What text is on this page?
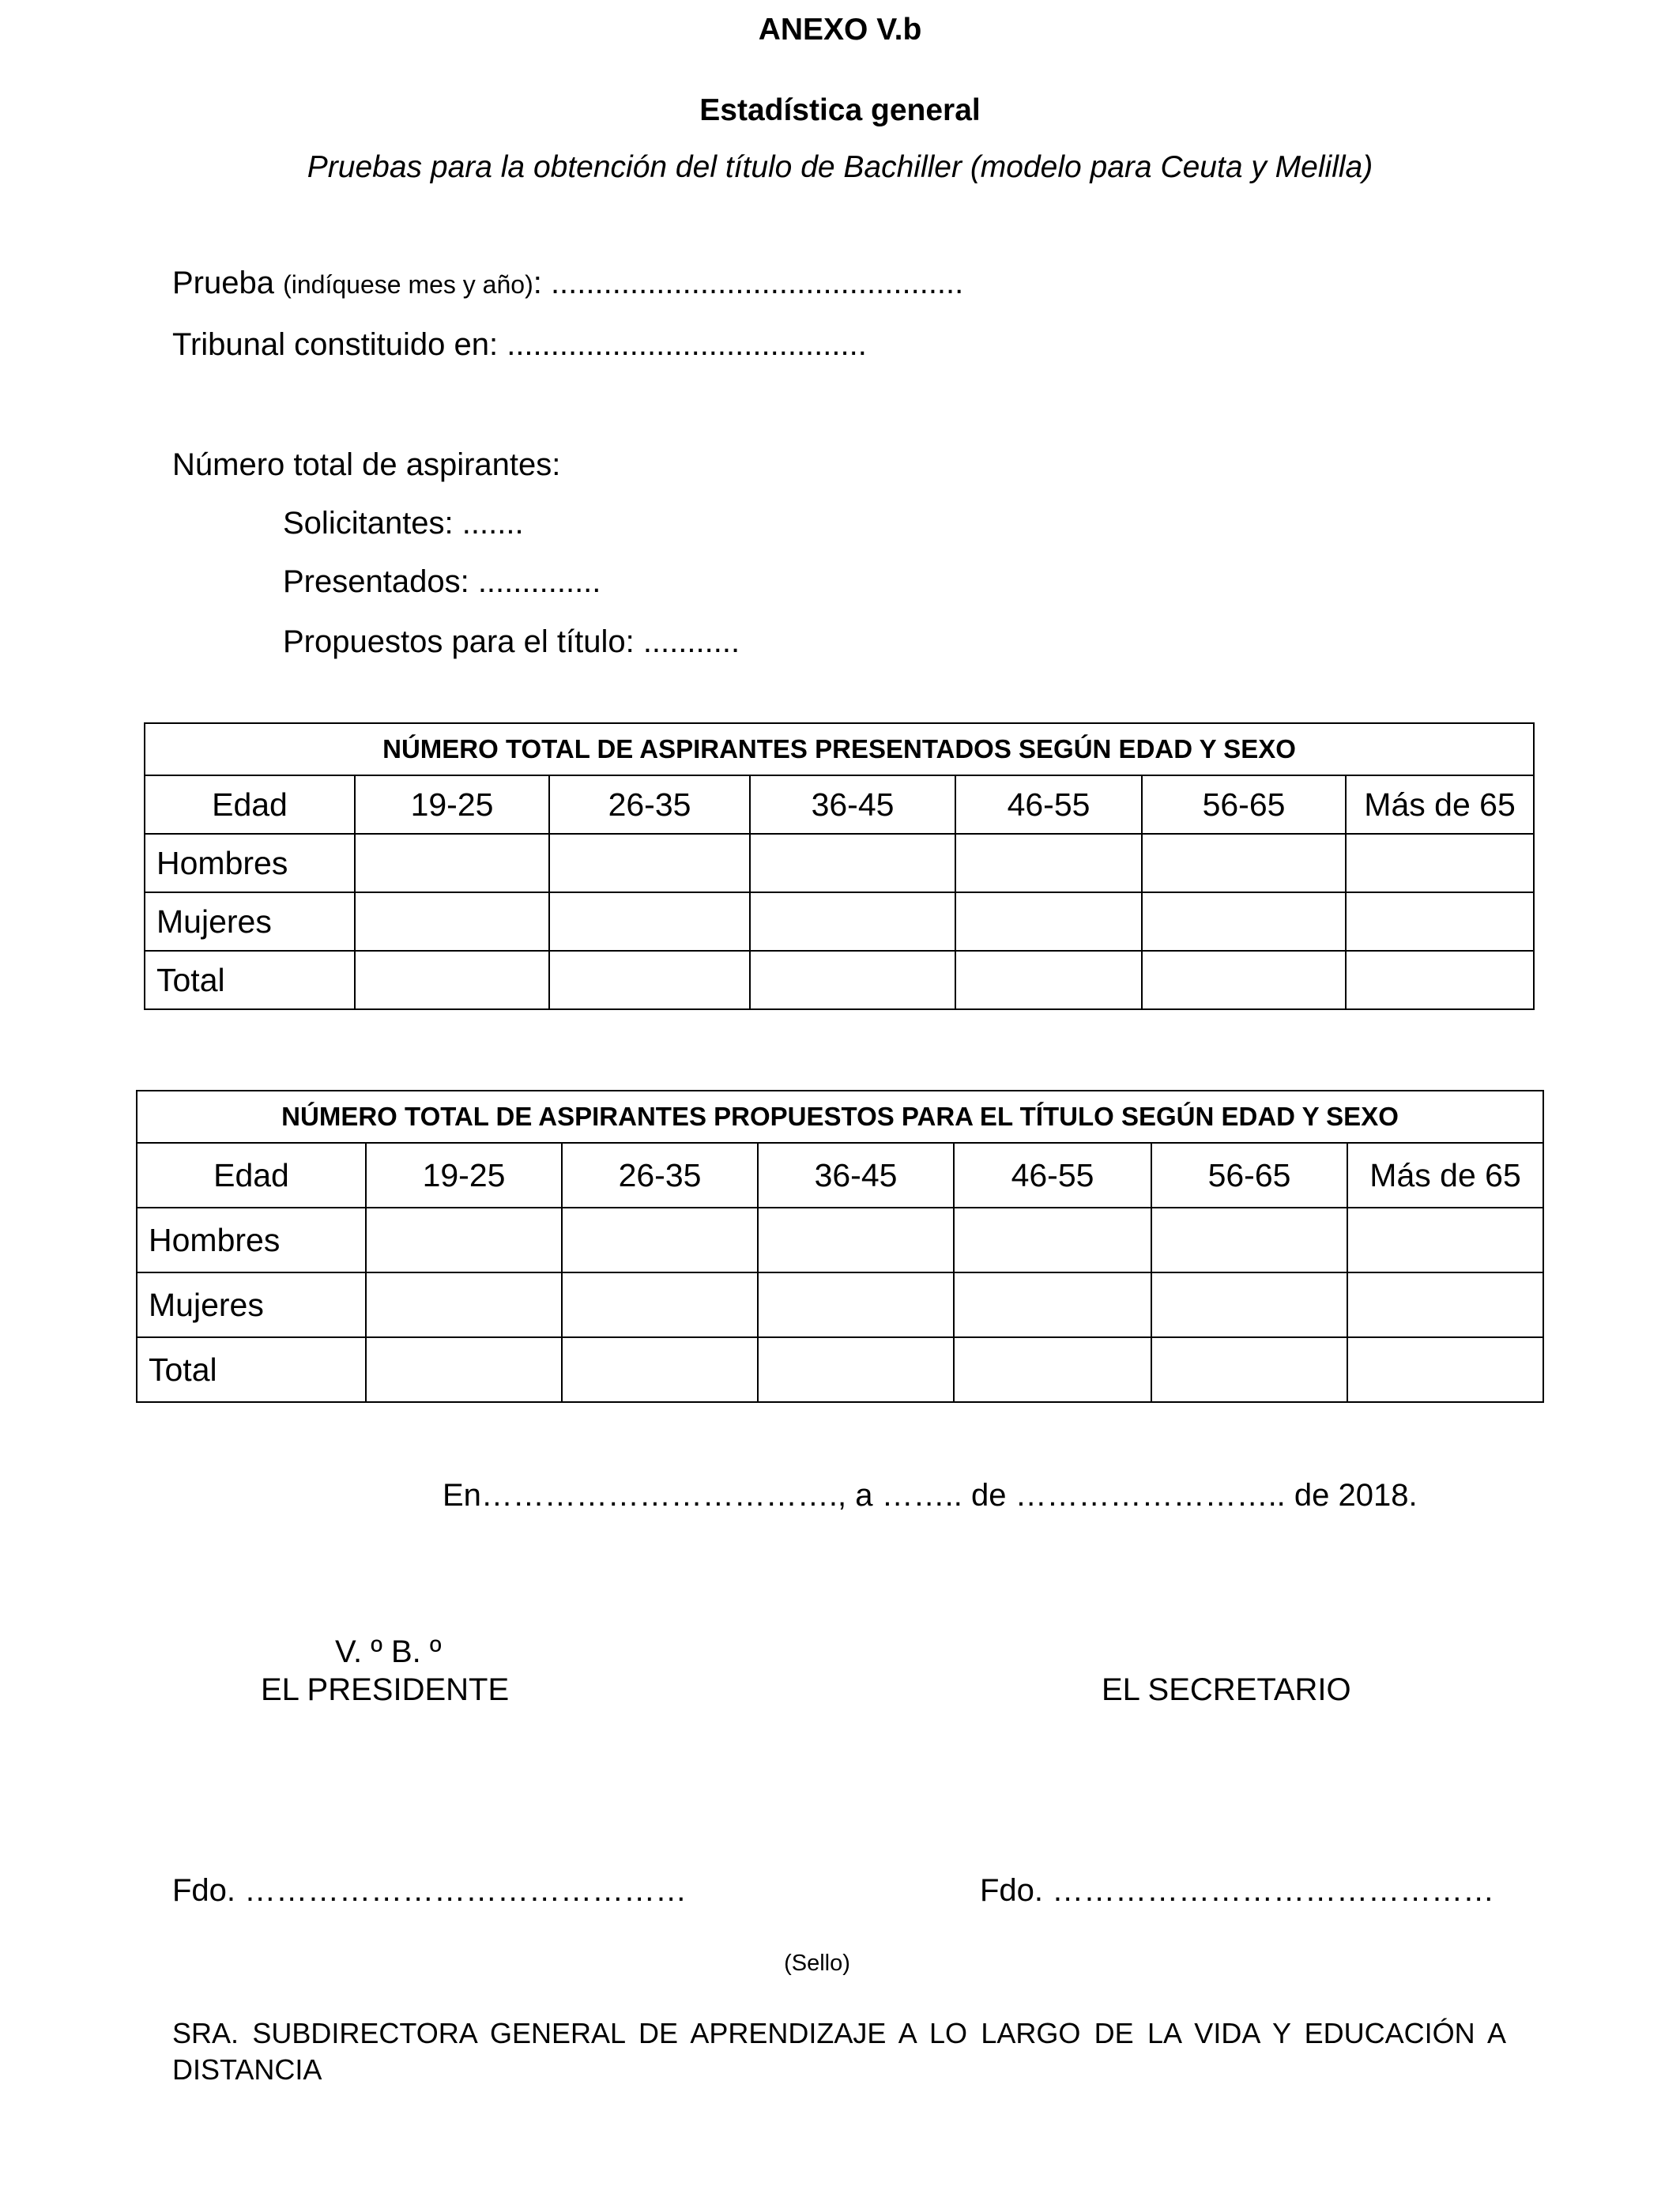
ANEXO V.b
Estadística general
Pruebas para la obtención del título de Bachiller (modelo para Ceuta y Melilla)
Prueba (indíquese mes y año): ...............................................
Tribunal constituido en: .........................................
Número total de aspirantes:
Solicitantes: .......
Presentados: ..............
Propuestos para el título: ...........
NÚMERO TOTAL DE ASPIRANTES PRESENTADOS SEGÚN EDAD Y SEXO						
Edad	19-25	26-35	36-45	46-55	56-65	Más de 65
Hombres						
Mujeres						
Total						
NÚMERO TOTAL DE ASPIRANTES PROPUESTOS PARA EL TÍTULO SEGÚN EDAD Y SEXO						
Edad	19-25	26-35	36-45	46-55	56-65	Más de 65
Hombres						
Mujeres						
Total						
En……………………………., a …….. de …………………….. de 2018.
V. º B. º
EL PRESIDENTE	EL SECRETARIO
Fdo. ……………………………………	Fdo. ……………………………………
(Sello)
SRA. SUBDIRECTORA GENERAL DE APRENDIZAJE A LO LARGO DE LA VIDA Y EDUCACIÓN A DISTANCIA
